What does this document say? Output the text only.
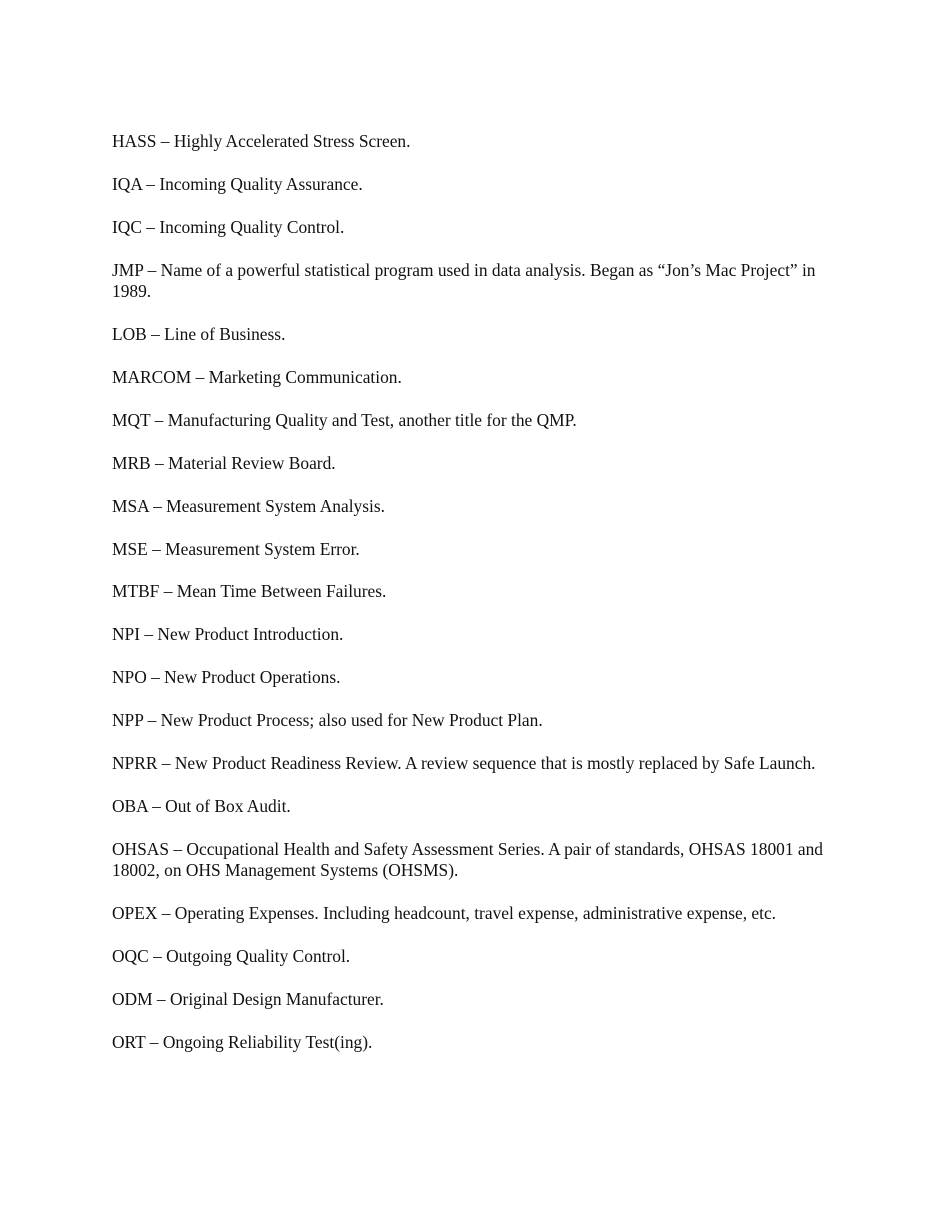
HASS – Highly Accelerated Stress Screen.
IQA – Incoming Quality Assurance.
IQC – Incoming Quality Control.
JMP – Name of a powerful statistical program used in data analysis. Began as “Jon’s Mac Project” in 1989.
LOB – Line of Business.
MARCOM – Marketing Communication.
MQT – Manufacturing Quality and Test, another title for the QMP.
MRB – Material Review Board.
MSA – Measurement System Analysis.
MSE – Measurement System Error.
MTBF – Mean Time Between Failures.
NPI – New Product Introduction.
NPO – New Product Operations.
NPP – New Product Process; also used for New Product Plan.
NPRR – New Product Readiness Review. A review sequence that is mostly replaced by Safe Launch.
OBA – Out of Box Audit.
OHSAS – Occupational Health and Safety Assessment Series. A pair of standards, OHSAS 18001 and 18002, on OHS Management Systems (OHSMS).
OPEX – Operating Expenses. Including headcount, travel expense, administrative expense, etc.
OQC – Outgoing Quality Control.
ODM – Original Design Manufacturer.
ORT – Ongoing Reliability Test(ing).
